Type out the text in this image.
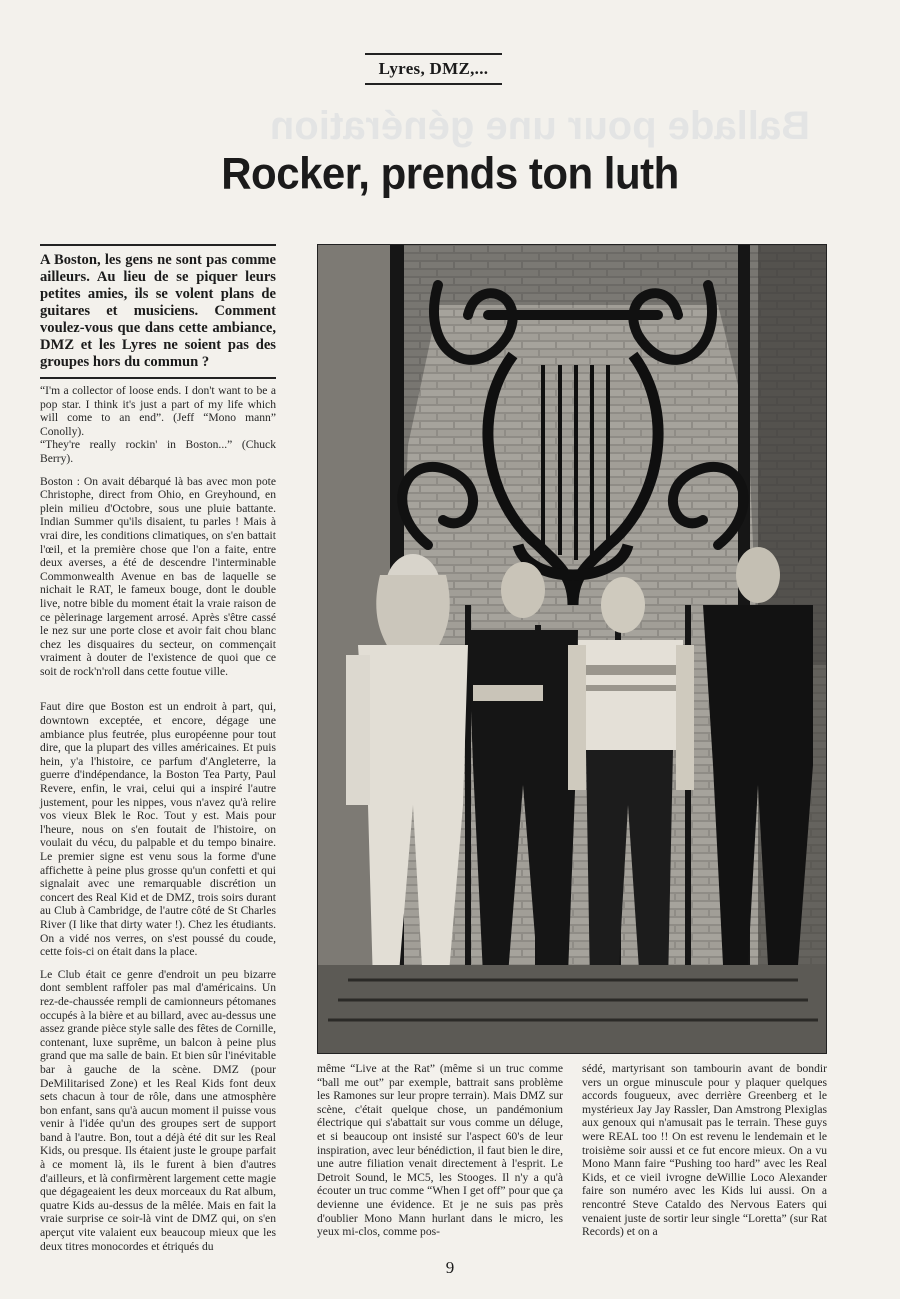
Ballade pour une génération
Lyres, DMZ,...
Rocker, prends ton luth
A Boston, les gens ne sont pas comme ailleurs. Au lieu de se piquer leurs petites amies, ils se volent plans de guitares et musiciens. Comment voulez-vous que dans cette ambiance, DMZ et les Lyres ne soient pas des groupes hors du commun ?

“I'm a collector of loose ends. I don't want to be a pop star. I think it's just a part of my life which will come to an end”. (Jeff “Mono mann” Conolly).

“They're really rockin' in Boston...” (Chuck Berry).

Boston : On avait débarqué là bas avec mon pote Christophe, direct from Ohio, en Greyhound, en plein milieu d'Octobre, sous une pluie battante. Indian Summer qu'ils disaient, tu parles ! Mais à vrai dire, les conditions climatiques, on s'en battait l'œil, et la première chose que l'on a faite, entre deux averses, a été de descendre l'interminable Commonwealth Avenue en bas de laquelle se nichait le RAT, le fameux bouge, dont le double live, notre bible du moment était la vraie raison de ce pèlerinage largement arrosé. Après s'être cassé le nez sur une porte close et avoir fait chou blanc chez les disquaires du secteur, on commençait vraiment à douter de l'existence de quoi que ce soit de rock'n'roll dans cette foutue ville.

Faut dire que Boston est un endroit à part, qui, downtown exceptée, et encore, dégage une ambiance plus feutrée, plus européenne pour tout dire, que la plupart des villes américaines. Et puis hein, y'a l'histoire, ce parfum d'Angleterre, la guerre d'indépendance, la Boston Tea Party, Paul Revere, enfin, le vrai, celui qui a inspiré l'autre justement, pour les nippes, vous n'avez qu'à relire vos vieux Blek le Roc. Tout y est. Mais pour l'heure, nous on s'en foutait de l'histoire, on voulait du vécu, du palpable et du tempo binaire. Le premier signe est venu sous la forme d'une affichette à peine plus grosse qu'un confetti et qui signalait avec une remarquable discrétion un concert des Real Kid et de DMZ, trois soirs durant au Club à Cambridge, de l'autre côté de St Charles River (I like that dirty water !). Chez les étudiants. On a vidé nos verres, on s'est poussé du coude, cette fois-ci on était dans la place.

Le Club était ce genre d'endroit un peu bizarre dont semblent raffoler pas mal d'américains. Un rez-de-chaussée rempli de camionneurs pétomanes occupés à la bière et au billard, avec au-dessus une assez grande pièce style salle des fêtes de Cornille, contenant, luxe suprême, un balcon à peine plus grand que ma salle de bain. Et bien sûr l'inévitable bar à gauche de la scène. DMZ (pour DeMilitarised Zone) et les Real Kids font deux sets chacun à tour de rôle, dans une atmosphère bon enfant, sans qu'à aucun moment il puisse vous venir à l'idée qu'un des groupes sert de support band à l'autre. Bon, tout a déjà été dit sur les Real Kids, ou presque. Ils étaient juste le groupe parfait à ce moment là, ils le furent à bien d'autres d'ailleurs, et là confirmèrent largement cette magie que dégageaient les deux morceaux du Rat album, quatre Kids au-dessus de la mêlée. Mais en fait la vraie surprise ce soir-là vint de DMZ qui, on s'en aperçut vite valaient eux beaucoup mieux que les deux titres monocordes et étriqués du

même “Live at the Rat” (même si un truc comme “ball me out” par exemple, battrait sans problème les Ramones sur leur propre terrain). Mais DMZ sur scène, c'était quelque chose, un pandémonium électrique qui s'abattait sur vous comme un déluge, et si beaucoup ont insisté sur l'aspect 60's de leur inspiration, avec leur bénédiction, il faut bien le dire, une autre filiation venait directement à l'esprit. Le Detroit Sound, le MC5, les Stooges. Il n'y a qu'à écouter un truc comme “When I get off” pour que ça devienne une évidence. Et je ne suis pas près d'oublier Mono Mann hurlant dans le micro, les yeux mi-clos, comme pos-
sédé, martyrisant son tambourin avant de bondir vers un orgue minuscule pour y plaquer quelques accords fougueux, avec derrière Greenberg et le mystérieux Jay Jay Rassler, Dan Amstrong Plexiglas aux genoux qui n'amusait pas le terrain. These guys were REAL too !! On est revenu le lendemain et le troisième soir aussi et ce fut encore mieux. On a vu Mono Mann faire “Pushing too hard” avec les Real Kids, et ce vieil ivrogne deWillie Loco Alexander faire son numéro avec les Kids lui aussi. On a rencontré Steve Cataldo des Nervous Eaters qui venaient juste de sortir leur single “Loretta” (sur Rat Records) et on a
9
